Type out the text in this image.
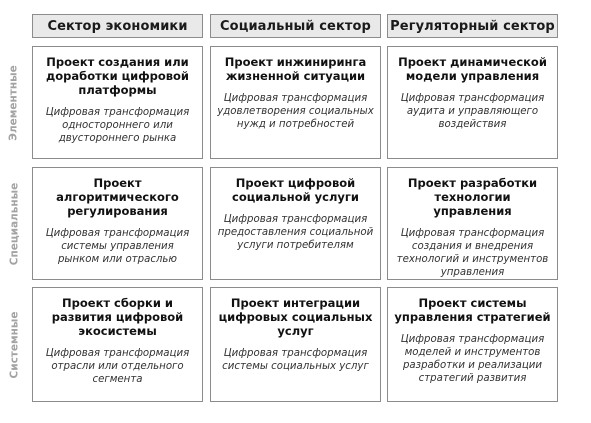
Сектор экономики	Социальный сектор	Регуляторный сектор
Элементные
Специальные
Системные
Проект создания или доработки цифровой платформы
Цифровая трансформация одностороннего или двустороннего рынка
Проект инжиниринга жизненной ситуации
Цифровая трансформация удовлетворения социальных нужд и потребностей
Проект динамической модели управления
Цифровая трансформация аудита и управляющего воздействия
Проект алгоритмического регулирования
Цифровая трансформация системы управления рынком или отраслью
Проект цифровой социальной услуги
Цифровая трансформация предоставления социальной услуги потребителям
Проект разработки технологии управления
Цифровая трансформация создания и внедрения технологий и инструментов управления
Проект сборки и развития цифровой экосистемы
Цифровая трансформация отрасли или отдельного сегмента
Проект интеграции цифровых социальных услуг
Цифровая трансформация системы социальных услуг
Проект системы управления стратегией
Цифровая трансформация моделей и инструментов разработки и реализации стратегий развития
